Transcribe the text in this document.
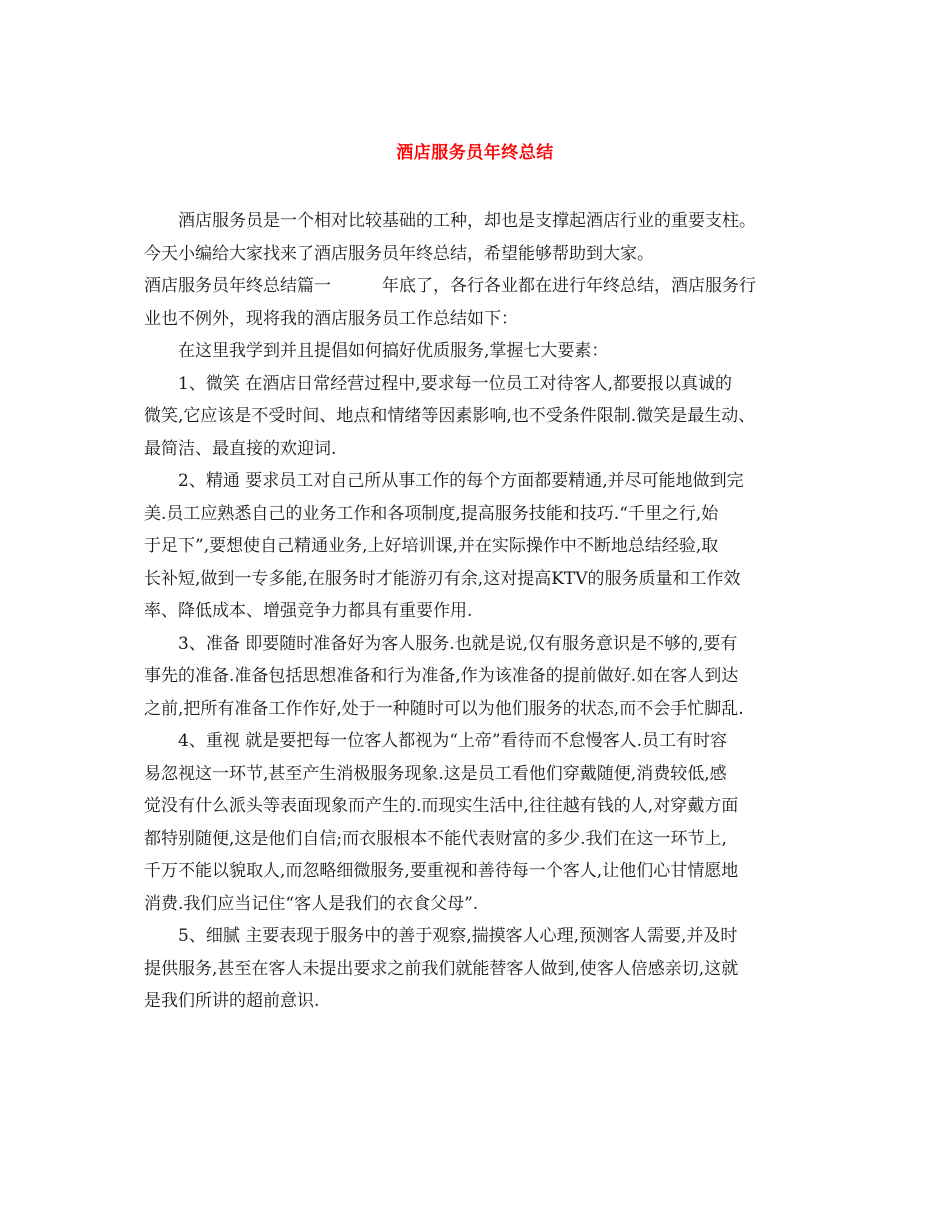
酒店服务员年终总结
酒店服务员是一个相对比较基础的工种，却也是支撑起酒店行业的重要支柱。
今天小编给大家找来了酒店服务员年终总结，希望能够帮助到大家。
酒店服务员年终总结篇一　　　年底了，各行各业都在进行年终总结，酒店服务行
业也不例外，现将我的酒店服务员工作总结如下：
在这里我学到并且提倡如何搞好优质服务,掌握七大要素：
1、微笑 在酒店日常经营过程中,要求每一位员工对待客人,都要报以真诚的
微笑,它应该是不受时间、地点和情绪等因素影响,也不受条件限制.微笑是最生动、
最简洁、最直接的欢迎词.
2、精通 要求员工对自己所从事工作的每个方面都要精通,并尽可能地做到完
美.员工应熟悉自己的业务工作和各项制度,提高服务技能和技巧.“千里之行,始
于足下”,要想使自己精通业务,上好培训课,并在实际操作中不断地总结经验,取
长补短,做到一专多能,在服务时才能游刃有余,这对提高KTV的服务质量和工作效
率、降低成本、增强竞争力都具有重要作用.
3、准备 即要随时准备好为客人服务.也就是说,仅有服务意识是不够的,要有
事先的准备.准备包括思想准备和行为准备,作为该准备的提前做好.如在客人到达
之前,把所有准备工作作好,处于一种随时可以为他们服务的状态,而不会手忙脚乱.
4、重视 就是要把每一位客人都视为“上帝”看待而不怠慢客人.员工有时容
易忽视这一环节,甚至产生消极服务现象.这是员工看他们穿戴随便,消费较低,感
觉没有什么派头等表面现象而产生的.而现实生活中,往往越有钱的人,对穿戴方面
都特别随便,这是他们自信;而衣服根本不能代表财富的多少.我们在这一环节上,
千万不能以貌取人,而忽略细微服务,要重视和善待每一个客人,让他们心甘情愿地
消费.我们应当记住“客人是我们的衣食父母”.
5、细腻 主要表现于服务中的善于观察,揣摸客人心理,预测客人需要,并及时
提供服务,甚至在客人未提出要求之前我们就能替客人做到,使客人倍感亲切,这就
是我们所讲的超前意识.
